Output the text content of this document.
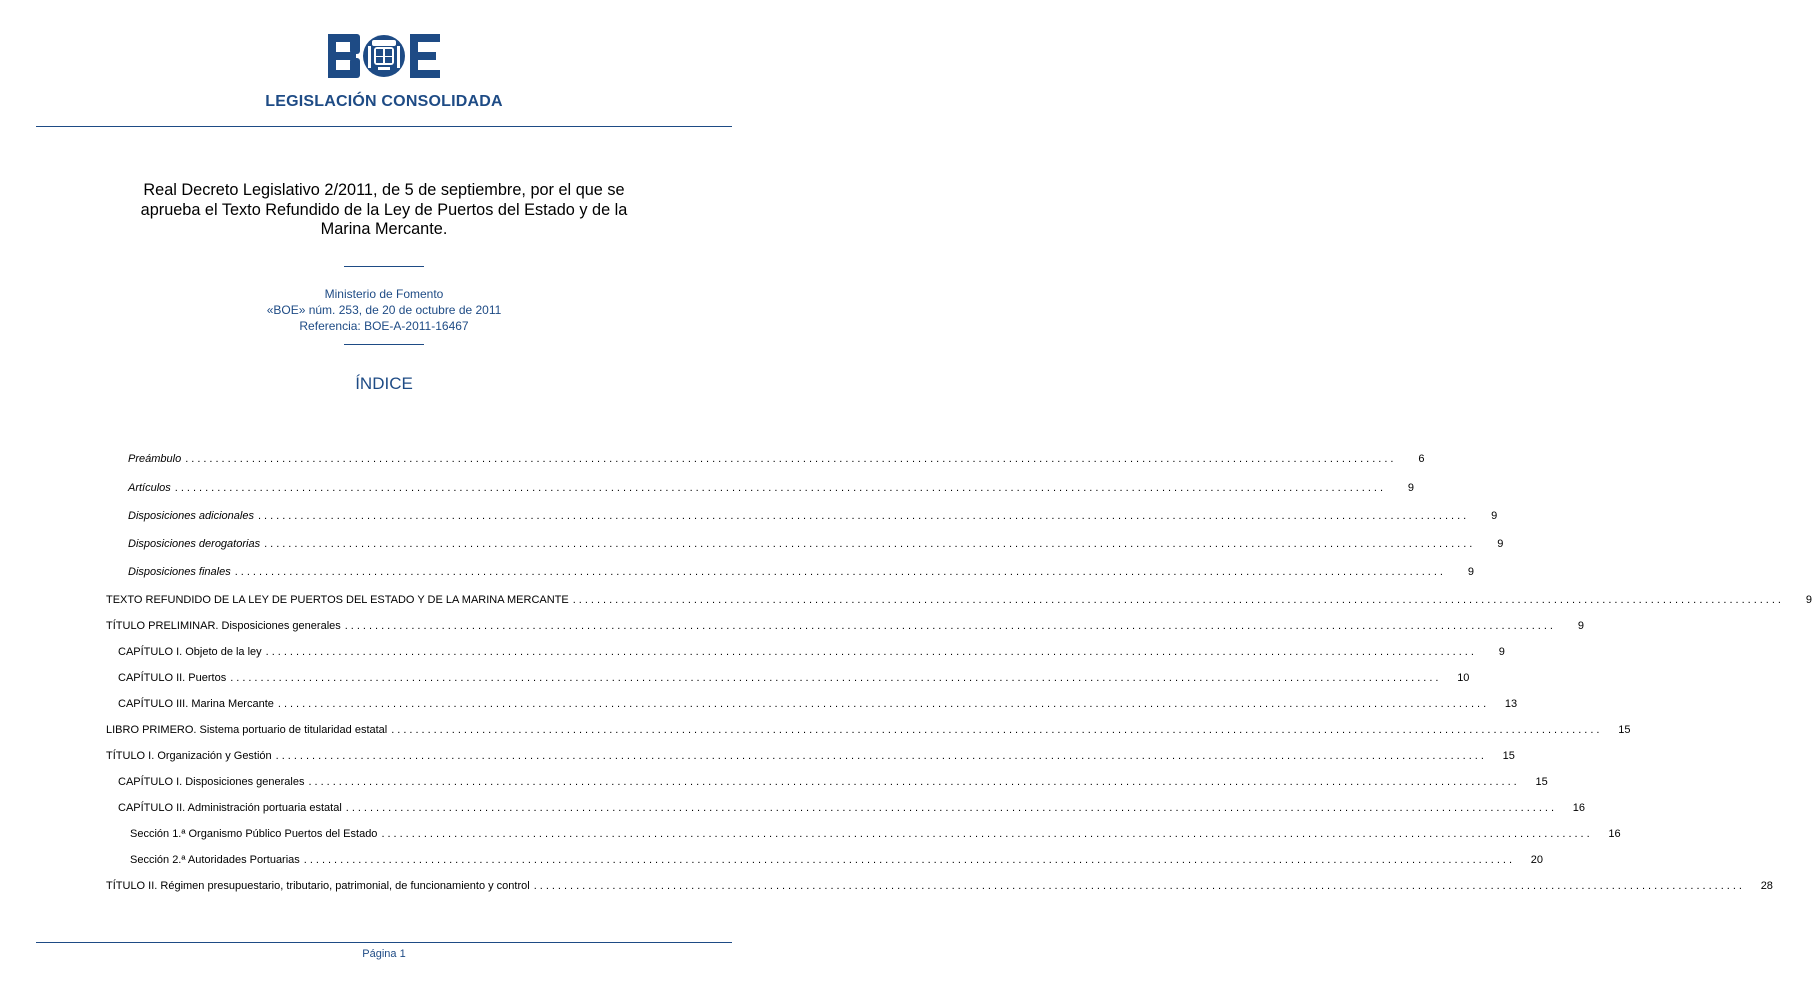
LEGISLACIÓN CONSOLIDADA
Real Decreto Legislativo 2/2011, de 5 de septiembre, por el que se aprueba el Texto Refundido de la Ley de Puertos del Estado y de la Marina Mercante.
Ministerio de Fomento
«BOE» núm. 253, de 20 de octubre de 2011
Referencia: BOE-A-2011-16467
ÍNDICE
Preámbulo ........................................................................................................................................................................................................	6
Artículos ........................................................................................................................................................................................................	9
Disposiciones adicionales ........................................................................................................................................................................................................	9
Disposiciones derogatorias ........................................................................................................................................................................................................	9
Disposiciones finales ........................................................................................................................................................................................................	9
TEXTO REFUNDIDO DE LA LEY DE PUERTOS DEL ESTADO Y DE LA MARINA MERCANTE ........................................................................................................................................................................................................	9
TÍTULO PRELIMINAR. Disposiciones generales ........................................................................................................................................................................................................	9
CAPÍTULO I. Objeto de la ley ........................................................................................................................................................................................................	9
CAPÍTULO II. Puertos ........................................................................................................................................................................................................	10
CAPÍTULO III. Marina Mercante ........................................................................................................................................................................................................	13
LIBRO PRIMERO. Sistema portuario de titularidad estatal ........................................................................................................................................................................................................	15
TÍTULO I. Organización y Gestión ........................................................................................................................................................................................................	15
CAPÍTULO I. Disposiciones generales ........................................................................................................................................................................................................	15
CAPÍTULO II. Administración portuaria estatal ........................................................................................................................................................................................................	16
Sección 1.ª Organismo Público Puertos del Estado ........................................................................................................................................................................................................	16
Sección 2.ª Autoridades Portuarias ........................................................................................................................................................................................................	20
TÍTULO II. Régimen presupuestario, tributario, patrimonial, de funcionamiento y control ........................................................................................................................................................................................................	28
Página 1
